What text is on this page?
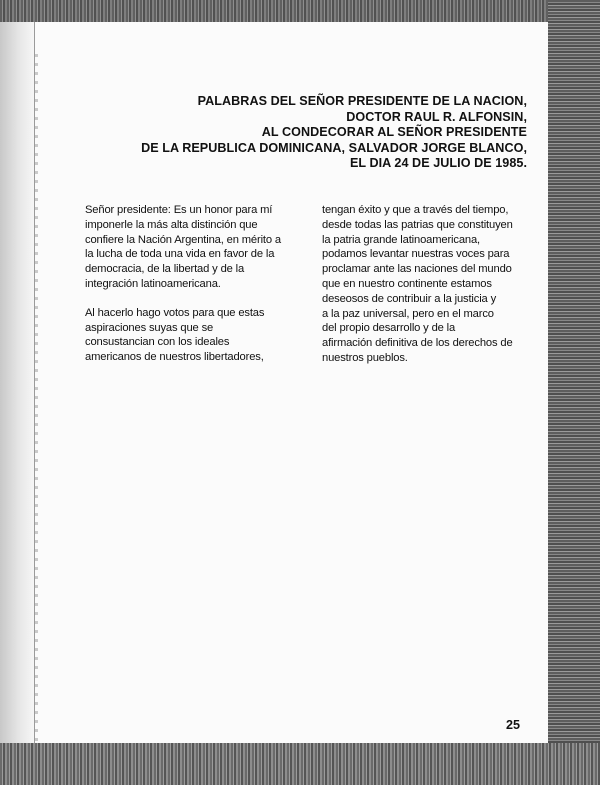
PALABRAS DEL SEÑOR PRESIDENTE DE LA NACION,
DOCTOR RAUL R. ALFONSIN,
AL CONDECORAR AL SEÑOR PRESIDENTE
DE LA REPUBLICA DOMINICANA, SALVADOR JORGE BLANCO,
EL DIA 24 DE JULIO DE 1985.
Señor presidente: Es un honor para mí
imponerle la más alta distinción que
confiere la Nación Argentina, en mérito a
la lucha de toda una vida en favor de la
democracia, de la libertad y de la
integración latinoamericana.
Al hacerlo hago votos para que estas
aspiraciones suyas que se
consustancian con los ideales
americanos de nuestros libertadores,
tengan éxito y que a través del tiempo,
desde todas las patrias que constituyen
la patria grande latinoamericana,
podamos levantar nuestras voces para
proclamar ante las naciones del mundo
que en nuestro continente estamos
deseosos de contribuir a la justicia y
a la paz universal, pero en el marco
del propio desarrollo y de la
afirmación definitiva de los derechos de
nuestros pueblos.
25
